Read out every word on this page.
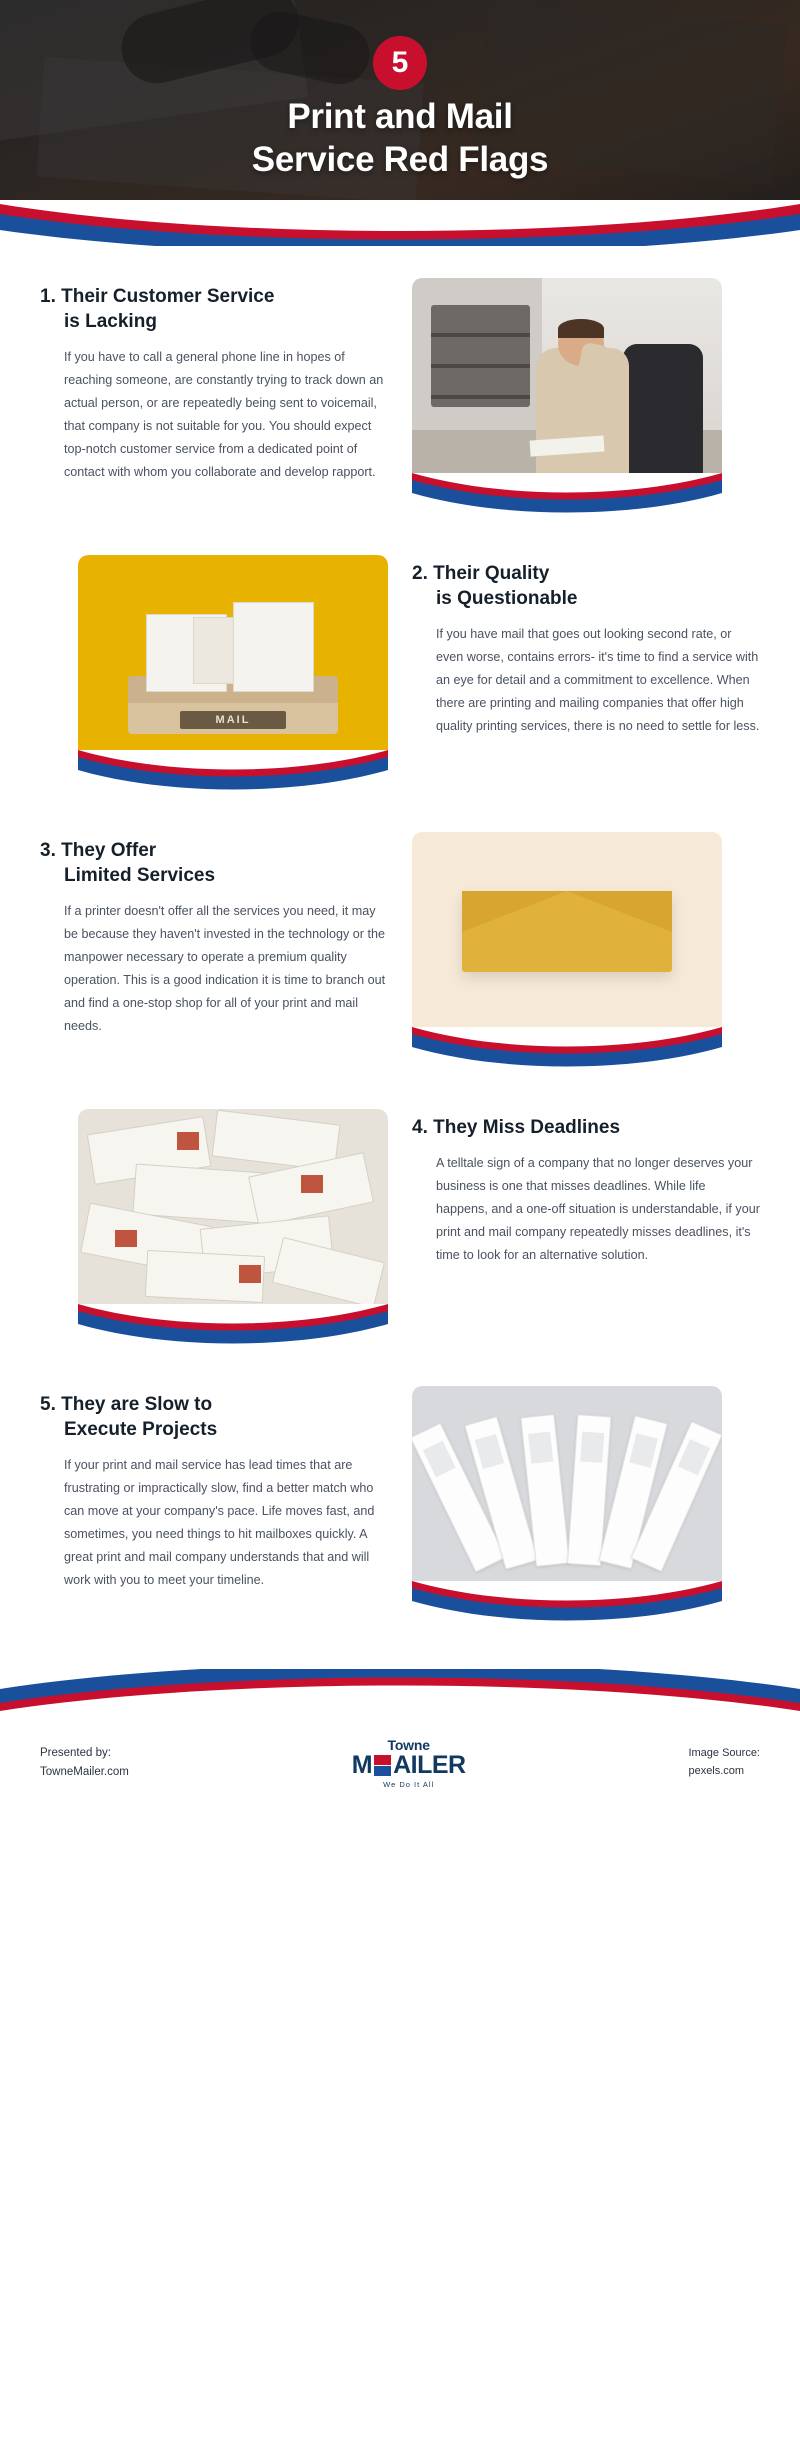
5
Print and Mail
Service Red Flags
1. Their Customer Service
is Lacking
If you have to call a general phone line in hopes of reaching someone, are constantly trying to track down an actual person, or are repeatedly being sent to voicemail, that company is not suitable for you. You should expect top-notch customer service from a dedicated point of contact with whom you collaborate and develop rapport.
2. Their Quality
is Questionable
If you have mail that goes out looking second rate, or even worse, contains errors- it's time to find a service with an eye for detail and a commitment to excellence. When there are printing and mailing companies that offer high quality printing services, there is no need to settle for less.
MAIL
3. They Offer
Limited Services
If a printer doesn't offer all the services you need, it may be because they haven't invested in the technology or the manpower necessary to operate a premium quality operation. This is a good indication it is time to branch out and find a one-stop shop for all of your print and mail needs.
4. They Miss Deadlines
A telltale sign of a company that no longer deserves your business is one that misses deadlines. While life happens, and a one-off situation is understandable, if your print and mail company repeatedly misses deadlines, it's time to look for an alternative solution.
5. They are Slow to
Execute Projects
If your print and mail service has lead times that are frustrating or impractically slow, find a better match who can move at your company's pace. Life moves fast, and sometimes, you need things to hit mailboxes quickly. A great print and mail company understands that and will work with you to meet your timeline.
Presented by:
TowneMailer.com
Towne
M AILER
We Do It All
Image Source:
pexels.com
